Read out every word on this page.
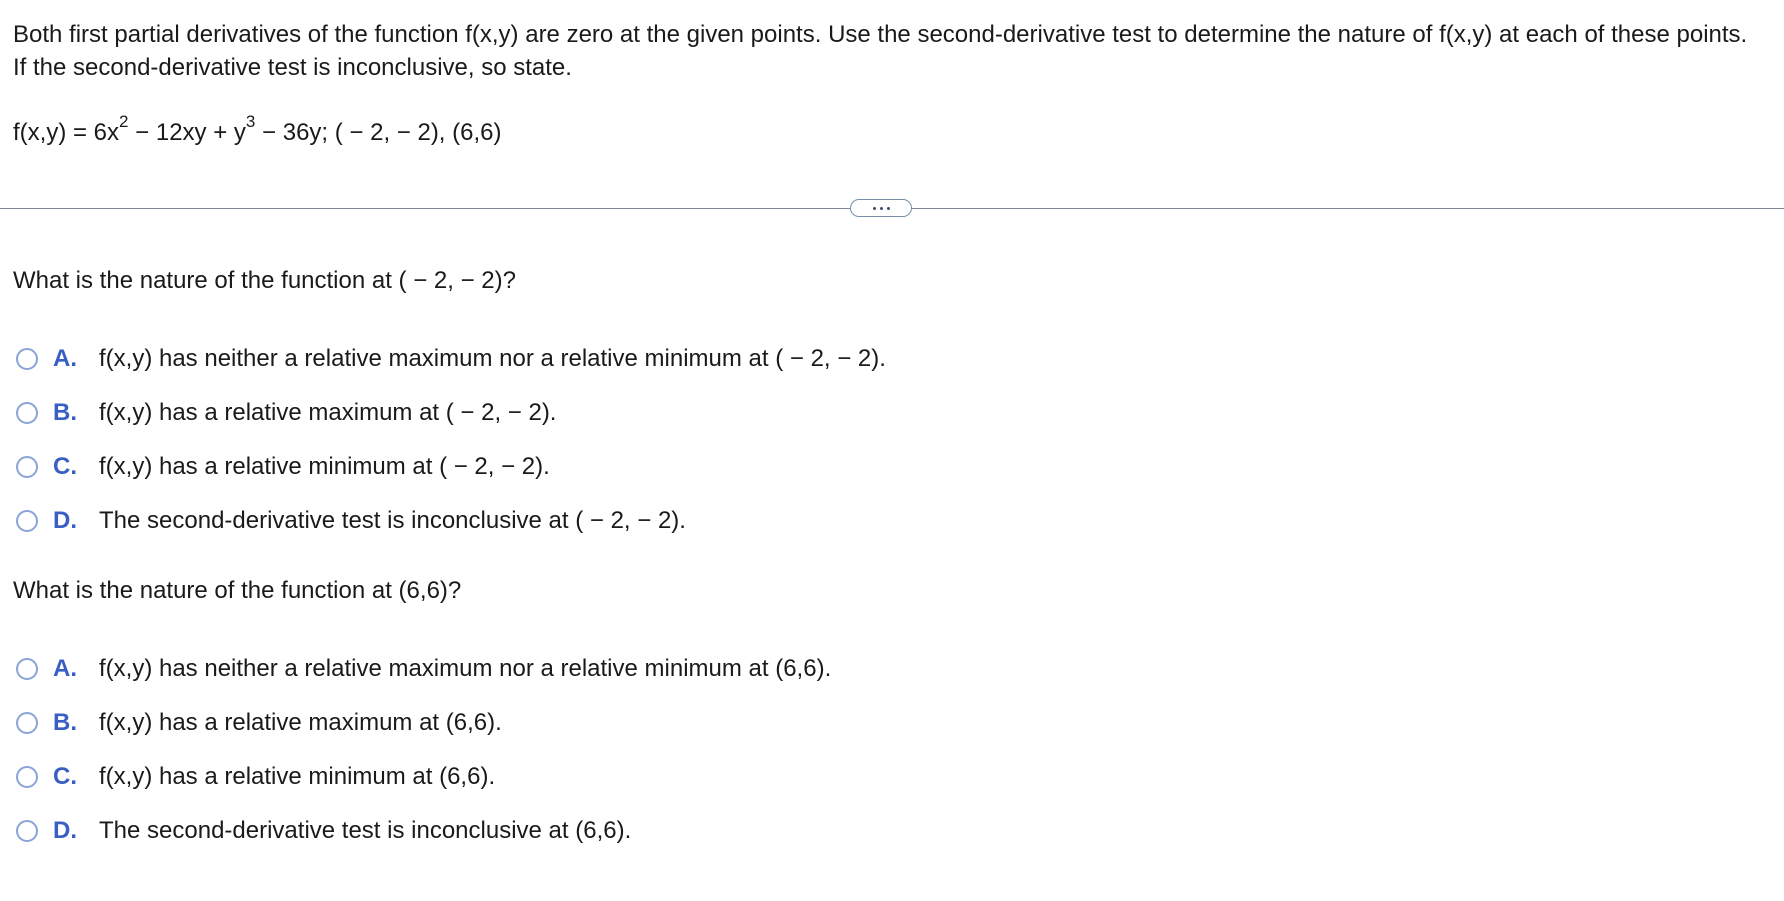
Both first partial derivatives of the function f(x,y) are zero at the given points. Use the second-derivative test to determine the nature of f(x,y) at each of these points. If the second-derivative test is inconclusive, so state.
$f(x,y) = 6x^2 - 12xy + y^3 - 36y$; ( − 2, − 2), (6,6)
What is the nature of the function at ( − 2, − 2)?
A. f(x,y) has neither a relative maximum nor a relative minimum at ( − 2, − 2).
B. f(x,y) has a relative maximum at ( − 2, − 2).
C. f(x,y) has a relative minimum at ( − 2, − 2).
D. The second-derivative test is inconclusive at ( − 2, − 2).
What is the nature of the function at (6,6)?
A. f(x,y) has neither a relative maximum nor a relative minimum at (6,6).
B. f(x,y) has a relative maximum at (6,6).
C. f(x,y) has a relative minimum at (6,6).
D. The second-derivative test is inconclusive at (6,6).
